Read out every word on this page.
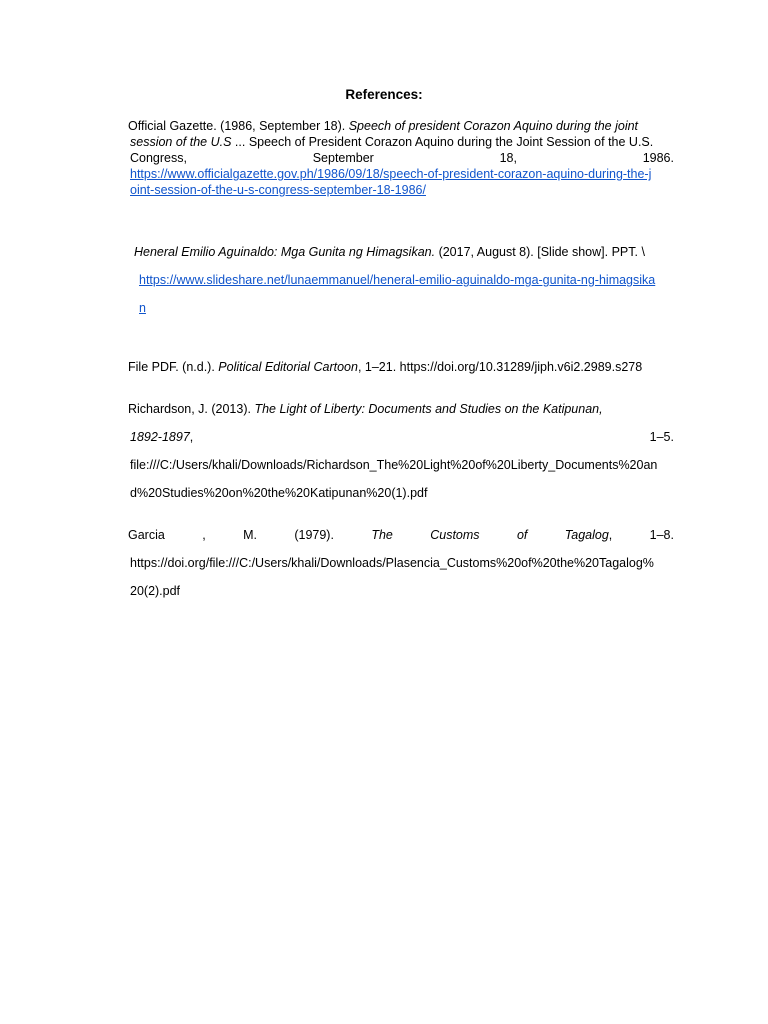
References:
Official Gazette. (1986, September 18). Speech of president Corazon Aquino during the joint
session of the U.S ... Speech of President Corazon Aquino during the Joint Session of the U.S.
Congress,	September	18,	1986.
https://www.officialgazette.gov.ph/1986/09/18/speech-of-president-corazon-aquino-during-the-j
oint-session-of-the-u-s-congress-september-18-1986/
Heneral Emilio Aguinaldo: Mga Gunita ng Himagsikan. (2017, August 8). [Slide show]. PPT. \
https://www.slideshare.net/lunaemmanuel/heneral-emilio-aguinaldo-mga-gunita-ng-himagsika
n
File PDF. (n.d.). Political Editorial Cartoon, 1–21. https://doi.org/10.31289/jiph.v6i2.2989.s278
Richardson, J. (2013). The Light of Liberty: Documents and Studies on the Katipunan,
1892-1897,	1–5.
file:///C:/Users/khali/Downloads/Richardson_The%20Light%20of%20Liberty_Documents%20an
d%20Studies%20on%20the%20Katipunan%20(1).pdf
Garcia	,	M.	(1979).	The	Customs	of	Tagalog,	1–8.
https://doi.org/file:///C:/Users/khali/Downloads/Plasencia_Customs%20of%20the%20Tagalog%
20(2).pdf
